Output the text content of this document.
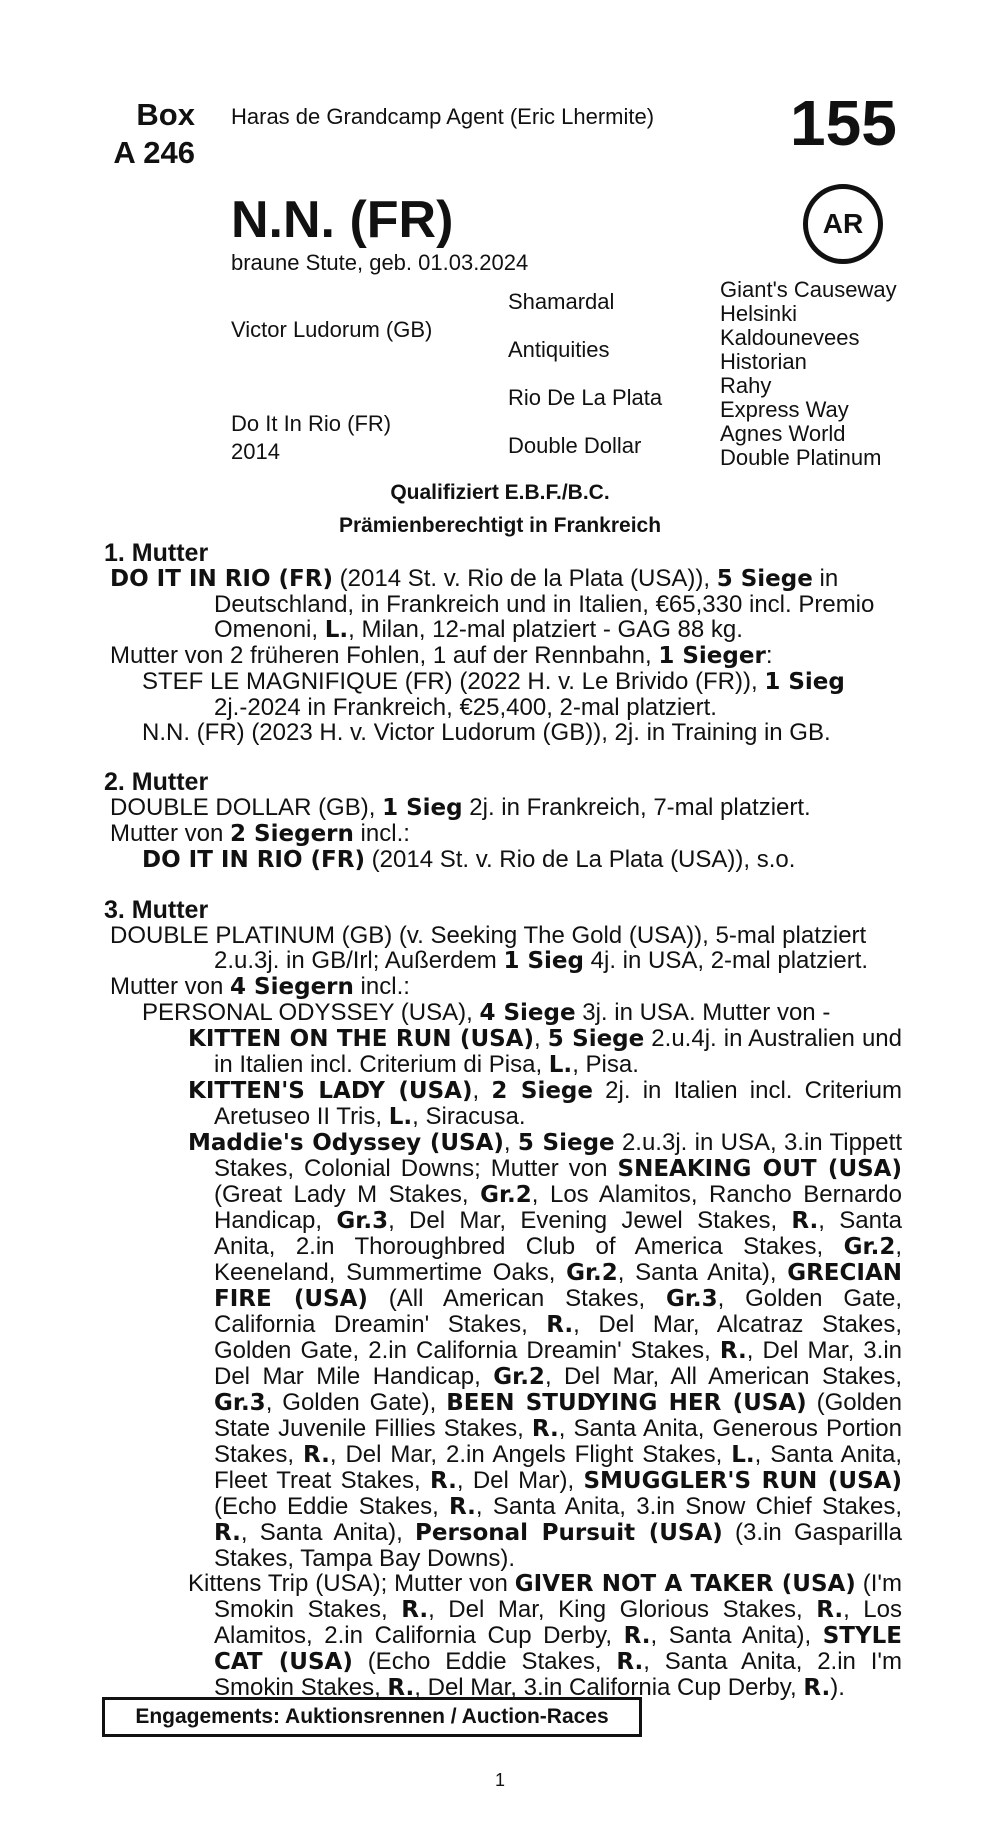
Box
A 246
Haras de Grandcamp Agent (Eric Lhermite) 155
N.N. (FR)	AR
braune Stute, geb. 01.03.2024
Victor Ludorum (GB)
Do It In Rio (FR)
2014
Shamardal
Antiquities
Rio De La Plata
Double Dollar
Giant's Causeway
Helsinki
Kaldounevees
Historian
Rahy
Express Way
Agnes World
Double Platinum
Qualifiziert E.B.F./B.C.
Prämienberechtigt in Frankreich

1. Mutter

DO IT IN RIO (FR) (2014 St. v. Rio de la Plata (USA)), 5 Siege in Deutschland, in Frankreich und in Italien, €65,330 incl. Premio Omenoni, L., Milan, 12-mal platziert - GAG 88 kg.

Mutter von 2 früheren Fohlen, 1 auf der Rennbahn, 1 Sieger:

STEF LE MAGNIFIQUE (FR) (2022 H. v. Le Brivido (FR)), 1 Sieg 2j.-2024 in Frankreich, €25,400, 2-mal platziert.

N.N. (FR) (2023 H. v. Victor Ludorum (GB)), 2j. in Training in GB.

2. Mutter

DOUBLE DOLLAR (GB), 1 Sieg 2j. in Frankreich, 7-mal platziert.

Mutter von 2 Siegern incl.:

DO IT IN RIO (FR) (2014 St. v. Rio de La Plata (USA)), s.o.

3. Mutter

DOUBLE PLATINUM (GB) (v. Seeking The Gold (USA)), 5-mal platziert 2.u.3j. in GB/Irl; Außerdem 1 Sieg 4j. in USA, 2-mal platziert.

Mutter von 4 Siegern incl.:

PERSONAL ODYSSEY (USA), 4 Siege 3j. in USA. Mutter von -

KITTEN ON THE RUN (USA), 5 Siege 2.u.4j. in Australien und in Italien incl. Criterium di Pisa, L., Pisa.

KITTEN'S LADY (USA), 2 Siege 2j. in Italien incl. Criterium Aretuseo II Tris, L., Siracusa.

Maddie's Odyssey (USA), 5 Siege 2.u.3j. in USA, 3.in Tippett Stakes, Colonial Downs; Mutter von SNEAKING OUT (USA) (Great Lady M Stakes, Gr.2, Los Alamitos, Rancho Bernardo Handicap, Gr.3, Del Mar, Evening Jewel Stakes, R., Santa Anita, 2.in Thoroughbred Club of America Stakes, Gr.2, Keeneland, Summertime Oaks, Gr.2, Santa Anita), GRECIAN FIRE (USA) (All American Stakes, Gr.3, Golden Gate, California Dreamin' Stakes, R., Del Mar, Alcatraz Stakes, Golden Gate, 2.in California Dreamin' Stakes, R., Del Mar, 3.in Del Mar Mile Handicap, Gr.2, Del Mar, All American Stakes, Gr.3, Golden Gate), BEEN STUDYING HER (USA) (Golden State Juvenile Fillies Stakes, R., Santa Anita, Generous Portion Stakes, R., Del Mar, 2.in Angels Flight Stakes, L., Santa Anita, Fleet Treat Stakes, R., Del Mar), SMUGGLER'S RUN (USA) (Echo Eddie Stakes, R., Santa Anita, 3.in Snow Chief Stakes, R., Santa Anita), Personal Pursuit (USA) (3.in Gasparilla Stakes, Tampa Bay Downs).

Kittens Trip (USA); Mutter von GIVER NOT A TAKER (USA) (I'm Smokin Stakes, R., Del Mar, King Glorious Stakes, R., Los Alamitos, 2.in California Cup Derby, R., Santa Anita), STYLE CAT (USA) (Echo Eddie Stakes, R., Santa Anita, 2.in I'm Smokin Stakes, R., Del Mar, 3.in California Cup Derby, R.).

Engagements: Auktionsrennen / Auction-Races
1
